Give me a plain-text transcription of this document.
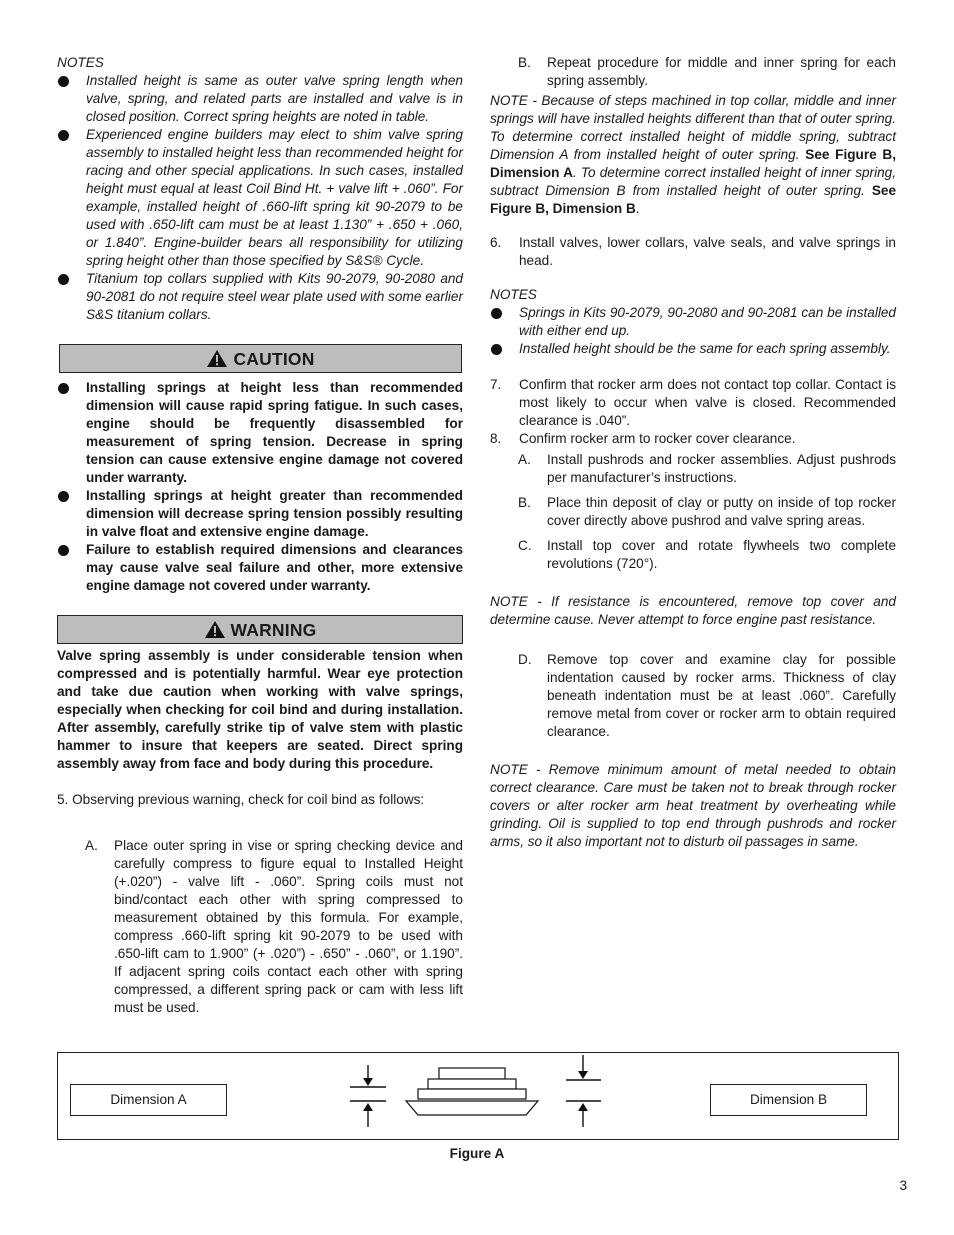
NOTES

Installed height is same as outer valve spring length when valve, spring, and related parts are installed and valve is in closed position. Correct spring heights are noted in table.
Experienced engine builders may elect to shim valve spring assembly to installed height less than recommended height for racing and other special applications. In such cases, installed height must equal at least Coil Bind Ht. + valve lift + .060”. For example, installed height of .660-lift spring kit 90-2079 to be used with .650-lift cam must be at least 1.130” + .650 + .060, or 1.840”. Engine-builder bears all responsibility for utilizing spring height other than those specified by S&S® Cycle.
Titanium top collars supplied with Kits 90-2079, 90-2080 and 90-2081 do not require steel wear plate used with some earlier S&S titanium collars.
CAUTION
Installing springs at height less than recommended dimension will cause rapid spring fatigue. In such cases, engine should be frequently disassembled for measurement of spring tension. Decrease in spring tension can cause extensive engine damage not covered under warranty.
Installing springs at height greater than recommended dimension will decrease spring tension possibly resulting in valve float and extensive engine damage.
Failure to establish required dimensions and clearances may cause valve seal failure and other, more extensive engine damage not covered under warranty.
WARNING

Valve spring assembly is under considerable tension when compressed and is potentially harmful. Wear eye protection and take due caution when working with valve springs, especially when checking for coil bind and during installation. After assembly, carefully strike tip of valve stem with plastic hammer to insure that keepers are seated. Direct spring assembly away from face and body during this procedure.

5. Observing previous warning, check for coil bind as follows:

A. Place outer spring in vise or spring checking device and carefully compress to figure equal to Installed Height (+.020”) - valve lift - .060”. Spring coils must not bind/contact each other with spring compressed to measurement obtained by this formula. For example, compress .660-lift spring kit 90-2079 to be used with .650-lift cam to 1.900” (+ .020”) - .650” - .060”, or 1.190”. If adjacent spring coils contact each other with spring compressed, a different spring pack or cam with less lift must be used.
B. Repeat procedure for middle and inner spring for each spring assembly.

NOTE - Because of steps machined in top collar, middle and inner springs will have installed heights different than that of outer spring. To determine correct installed height of middle spring, subtract Dimension A from installed height of outer spring. See Figure B, Dimension A. To determine correct installed height of inner spring, subtract Dimension B from installed height of outer spring. See Figure B, Dimension B.

6. Install valves, lower collars, valve seals, and valve springs in head.

NOTES

Springs in Kits 90-2079, 90-2080 and 90-2081 can be installed with either end up.
Installed height should be the same for each spring assembly.
7. Confirm that rocker arm does not contact top collar. Contact is most likely to occur when valve is closed. Recommended clearance is .040”.
8. Confirm rocker arm to rocker cover clearance.
A. Install pushrods and rocker assemblies. Adjust pushrods per manufacturer’s instructions.
B. Place thin deposit of clay or putty on inside of top rocker cover directly above pushrod and valve spring areas.
C. Install top cover and rotate flywheels two complete revolutions (720°).

NOTE - If resistance is encountered, remove top cover and determine cause. Never attempt to force engine past resistance.

D. Remove top cover and examine clay for possible indentation caused by rocker arms. Thickness of clay beneath indentation must be at least .060”. Carefully remove metal from cover or rocker arm to obtain required clearance.

NOTE - Remove minimum amount of metal needed to obtain correct clearance. Care must be taken not to break through rocker covers or alter rocker arm heat treatment by overheating while grinding. Oil is supplied to top end through pushrods and rocker arms, so it also important not to disturb oil passages in same.

Dimension A	Dimension B
Figure A
3
